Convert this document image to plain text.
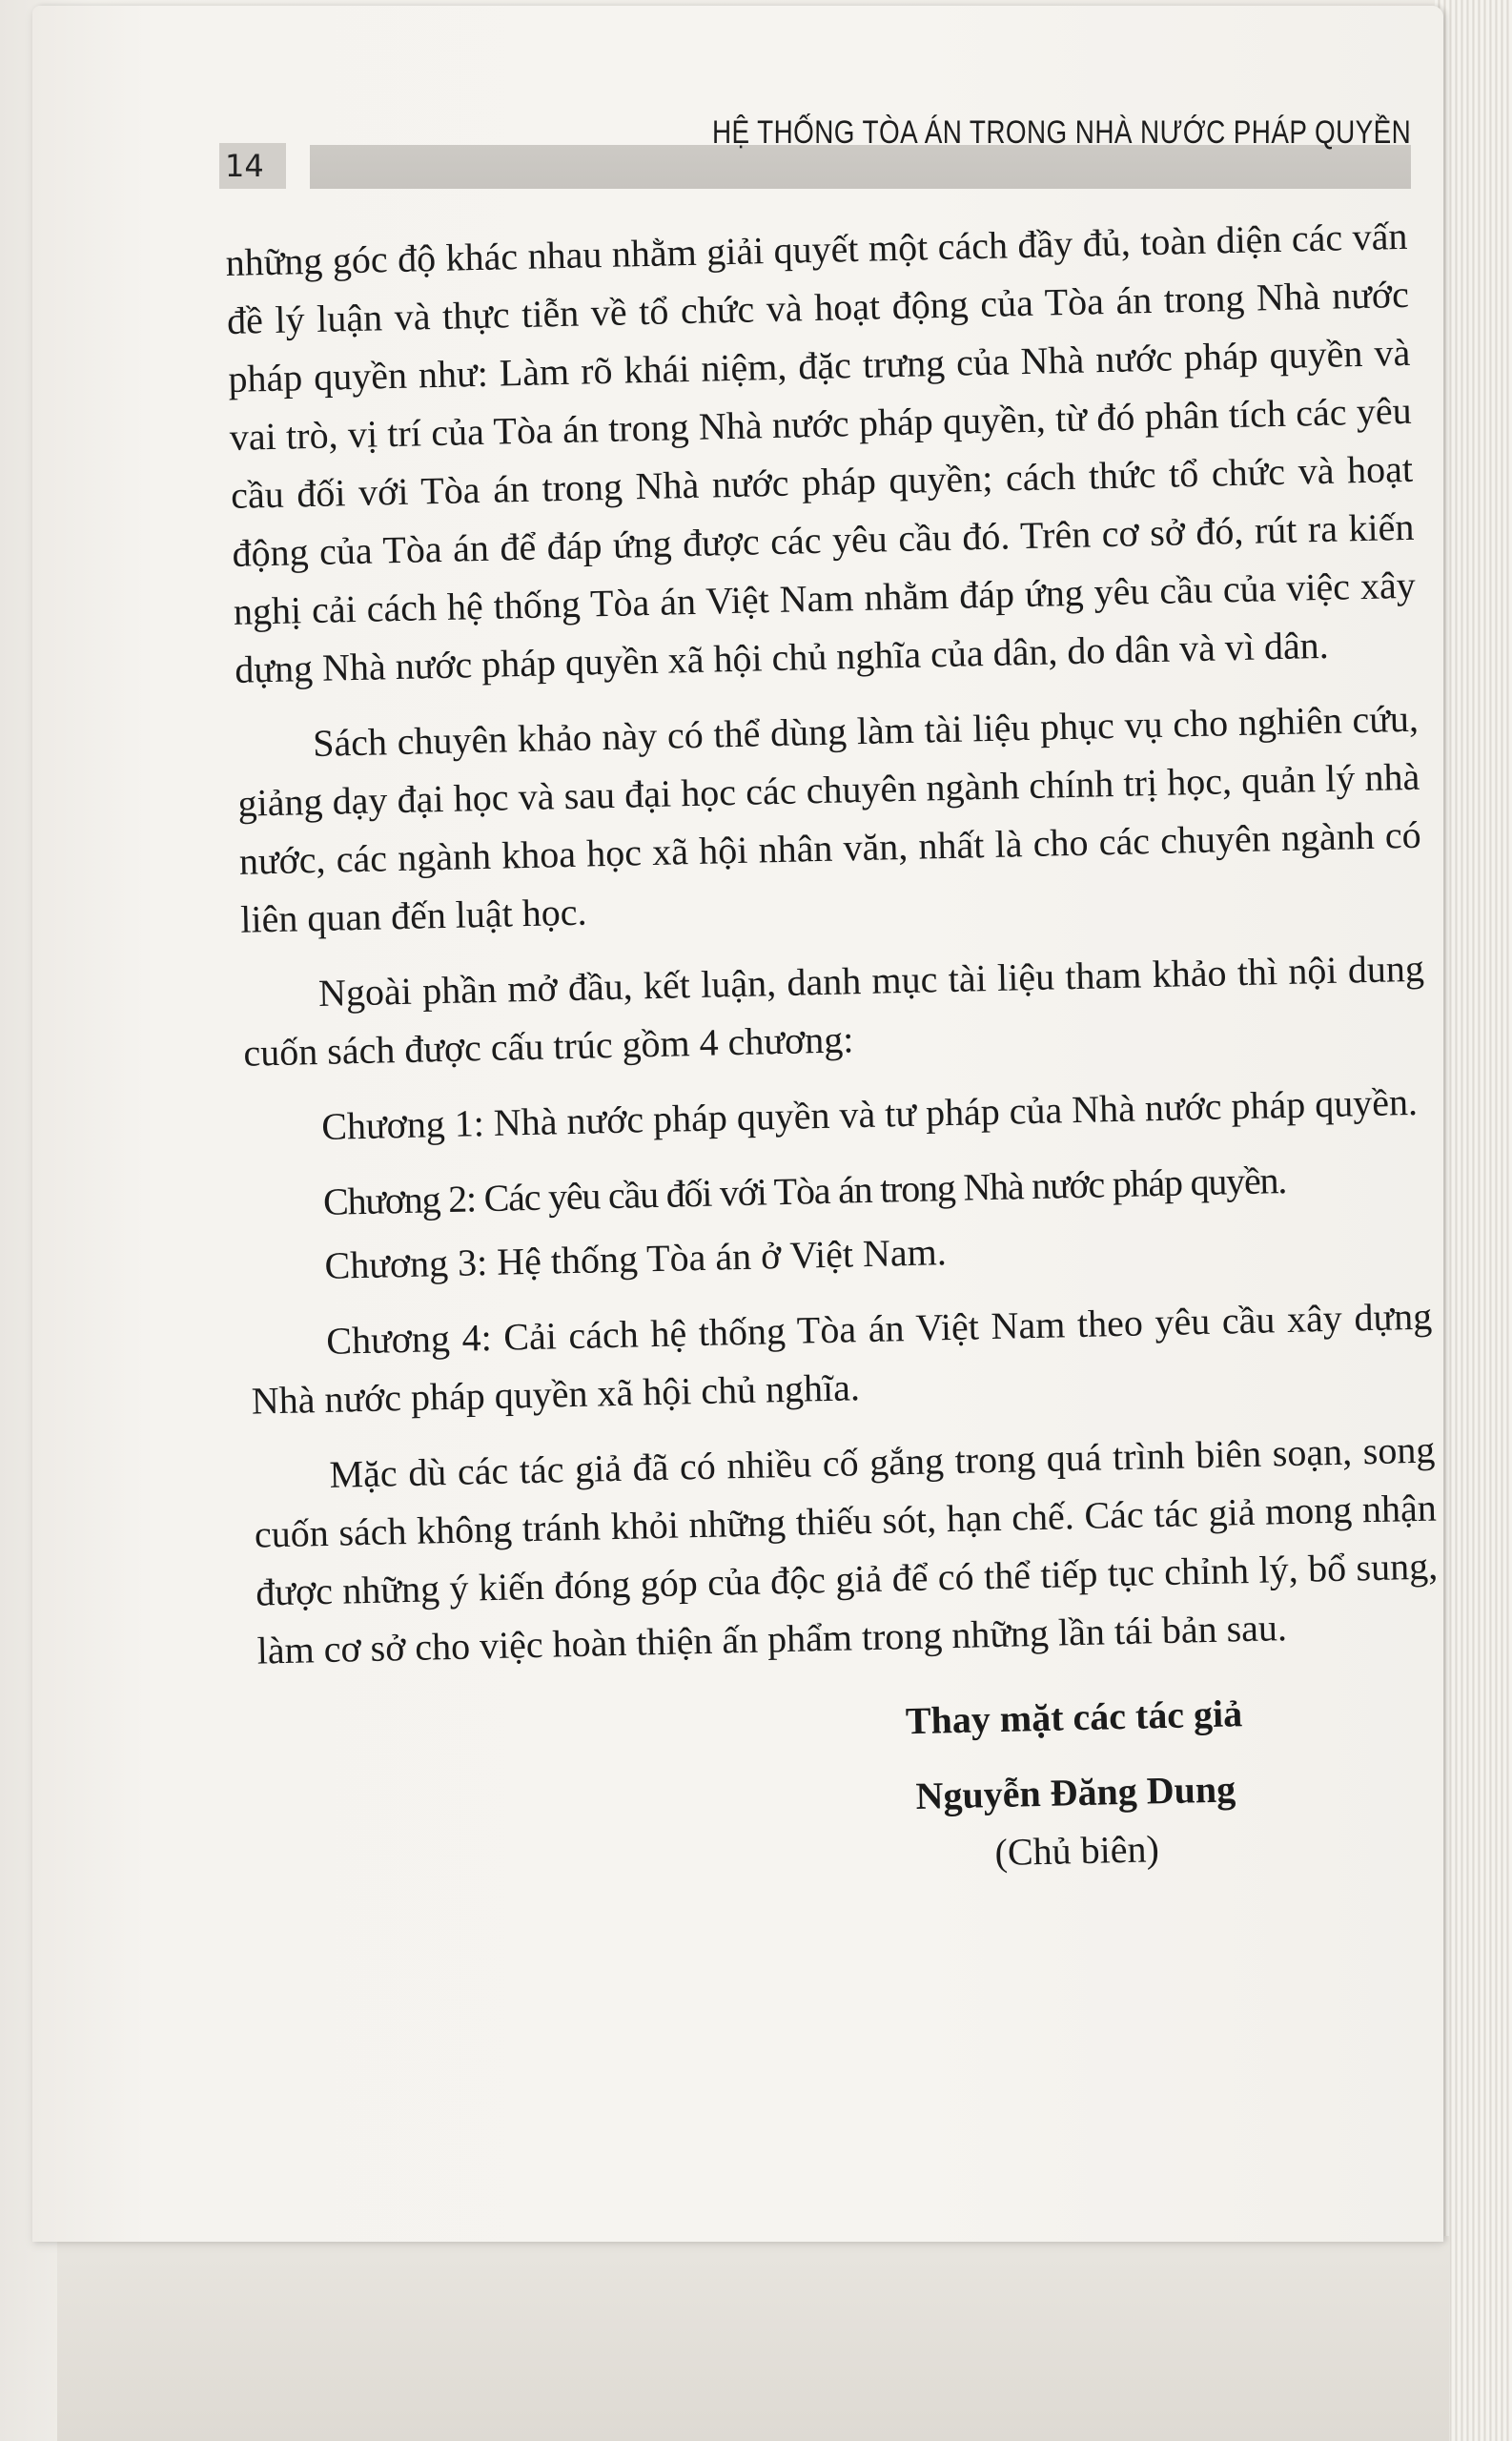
14
HỆ THỐNG TÒA ÁN TRONG NHÀ NƯỚC PHÁP QUYỀN

những góc độ khác nhau nhằm giải quyết một cách đầy đủ, toàn diện các vấn đề lý luận và thực tiễn về tổ chức và hoạt động của Tòa án trong Nhà nước pháp quyền như: Làm rõ khái niệm, đặc trưng của Nhà nước pháp quyền và vai trò, vị trí của Tòa án trong Nhà nước pháp quyền, từ đó phân tích các yêu cầu đối với Tòa án trong Nhà nước pháp quyền; cách thức tổ chức và hoạt động của Tòa án để đáp ứng được các yêu cầu đó. Trên cơ sở đó, rút ra kiến nghị cải cách hệ thống Tòa án Việt Nam nhằm đáp ứng yêu cầu của việc xây dựng Nhà nước pháp quyền xã hội chủ nghĩa của dân, do dân và vì dân.

Sách chuyên khảo này có thể dùng làm tài liệu phục vụ cho nghiên cứu, giảng dạy đại học và sau đại học các chuyên ngành chính trị học, quản lý nhà nước, các ngành khoa học xã hội nhân văn, nhất là cho các chuyên ngành có liên quan đến luật học.

Ngoài phần mở đầu, kết luận, danh mục tài liệu tham khảo thì nội dung cuốn sách được cấu trúc gồm 4 chương:

Chương 1: Nhà nước pháp quyền và tư pháp của Nhà nước pháp quyền.

Chương 2: Các yêu cầu đối với Tòa án trong Nhà nước pháp quyền.

Chương 3: Hệ thống Tòa án ở Việt Nam.

Chương 4: Cải cách hệ thống Tòa án Việt Nam theo yêu cầu xây dựng Nhà nước pháp quyền xã hội chủ nghĩa.

Mặc dù các tác giả đã có nhiều cố gắng trong quá trình biên soạn, song cuốn sách không tránh khỏi những thiếu sót, hạn chế. Các tác giả mong nhận được những ý kiến đóng góp của độc giả để có thể tiếp tục chỉnh lý, bổ sung, làm cơ sở cho việc hoàn thiện ấn phẩm trong những lần tái bản sau.

Thay mặt các tác giả
Nguyễn Đăng Dung
(Chủ biên)
